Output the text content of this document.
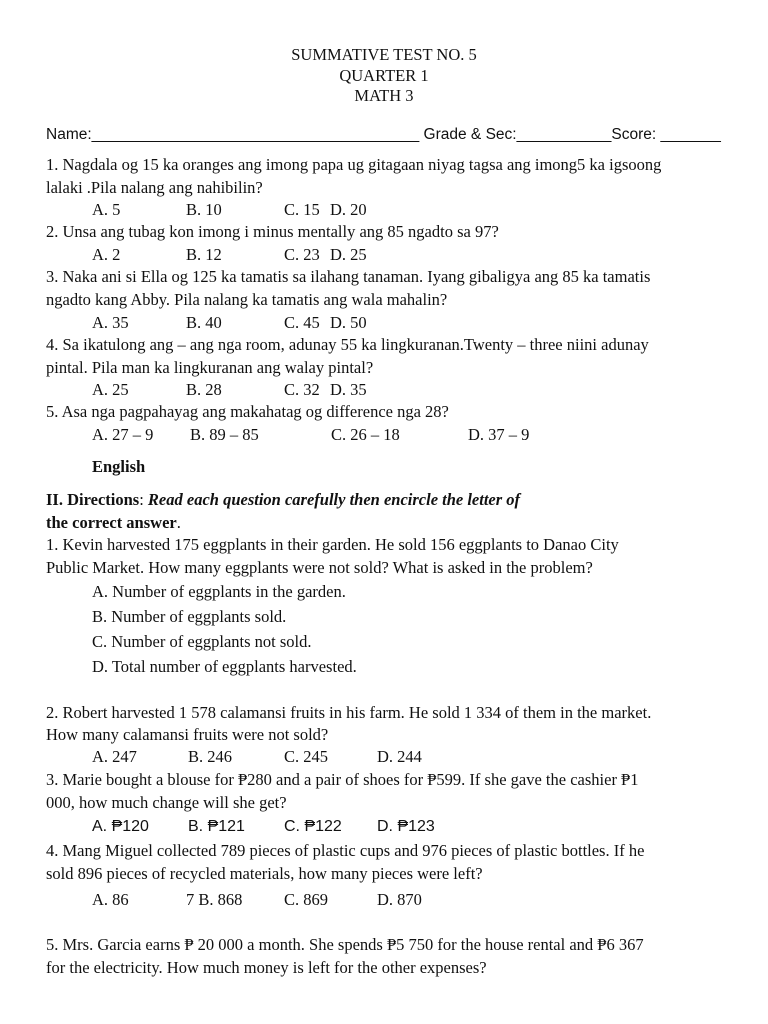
SUMMATIVE TEST NO. 5
QUARTER 1
MATH 3
Name:______________________________________ Grade & Sec:___________Score: _______
1. Nagdala og 15 ka oranges ang imong papa ug gitagaan niyag tagsa ang imong5 ka igsoong
lalaki .Pila nalang ang nahibilin?
A. 5	B. 10	C. 15 D. 20
2. Unsa ang tubag kon imong i minus mentally ang 85 ngadto sa 97?
A. 2	B. 12	C. 23 D. 25
3. Naka ani si Ella og 125 ka tamatis sa ilahang tanaman. Iyang gibaligya ang 85 ka tamatis
ngadto kang Abby. Pila nalang ka tamatis ang wala mahalin?
A. 35	B. 40	C. 45 D. 50
4. Sa ikatulong ang – ang nga room, adunay 55 ka lingkuranan.Twenty – three niini adunay
pintal. Pila man ka lingkuranan ang walay pintal?
A. 25	B. 28	C. 32 D. 35
5. Asa nga pagpahayag ang makahatag og difference nga 28?
A. 27 – 9 B. 89 – 85	C. 26 – 18	D. 37 – 9
English
II. Directions: Read each question carefully then encircle the letter of
the correct answer.
1. Kevin harvested 175 eggplants in their garden. He sold 156 eggplants to Danao City
Public Market. How many eggplants were not sold? What is asked in the problem?
A. Number of eggplants in the garden.
B. Number of eggplants sold.
C. Number of eggplants not sold.
D. Total number of eggplants harvested.
2. Robert harvested 1 578 calamansi fruits in his farm. He sold 1 334 of them in the market.
How many calamansi fruits were not sold?
A. 247	B. 246	C. 245	D. 244
3. Marie bought a blouse for ₱280 and a pair of shoes for ₱599. If she gave the cashier ₱1
000, how much change will she get?
A. ₱120 B. ₱121 C. ₱122 D. ₱123
4. Mang Miguel collected 789 pieces of plastic cups and 976 pieces of plastic bottles. If he
sold 896 pieces of recycled materials, how many pieces were left?
A. 86	7 B. 868	C. 869	D. 870
5. Mrs. Garcia earns ₱ 20 000 a month. She spends ₱5 750 for the house rental and ₱6 367
for the electricity. How much money is left for the other expenses?
